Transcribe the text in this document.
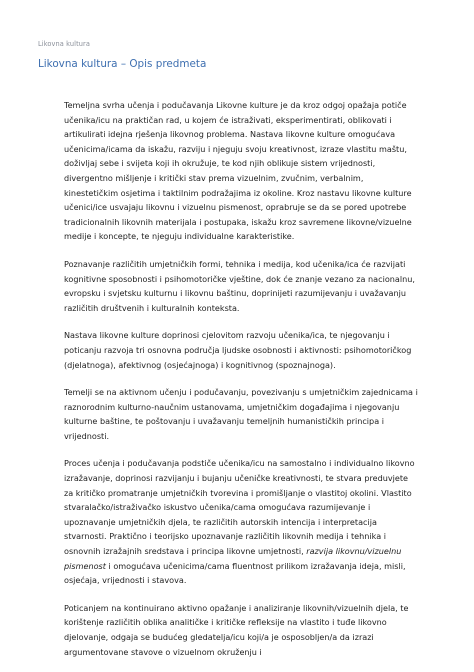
Likovna kultura
Likovna kultura – Opis predmeta

Temeljna svrha učenja i podučavanja Likovne kulture je da kroz odgoj opažaja potiče učenika/icu na praktičan rad, u kojem će istraživati, eksperimentirati, oblikovati i artikulirati idejna rješenja likovnog problema. Nastava likovne kulture omogućava učenicima/icama da iskažu, razviju i njeguju svoju kreativnost, izraze vlastitu maštu, doživljaj sebe i svijeta koji ih okružuje, te kod njih oblikuje sistem vrijednosti, divergentno mišljenje i kritički stav prema vizuelnim, zvučnim, verbalnim, kinestetičkim osjetima i taktilnim podražajima iz okoline. Kroz nastavu likovne kulture učenici/ice usvajaju likovnu i vizuelnu pismenost, oprabruje se da se pored upotrebe tradicionalnih likovnih materijala i postupaka, iskažu kroz savremene likovne/vizuelne medije i koncepte, te njeguju individualne karakteristike.

Poznavanje različitih umjetničkih formi, tehnika i medija, kod učenika/ica će razvijati kognitivne sposobnosti i psihomotoričke vještine, dok će znanje vezano za nacionalnu, evropsku i svjetsku kulturnu i likovnu baštinu, doprinijeti razumijevanju i uvažavanju različitih društvenih i kulturalnih konteksta.

Nastava likovne kulture doprinosi cjelovitom razvoju učenika/ica, te njegovanju i poticanju razvoja tri osnovna područja ljudske osobnosti i aktivnosti: psihomotoričkog (djelatnoga), afektivnog (osjećajnoga) i kognitivnog (spoznajnoga).

Temelji se na aktivnom učenju i podučavanju, povezivanju s umjetničkim zajednicama i raznorodnim kulturno-naučnim ustanovama, umjetničkim događajima i njegovanju kulturne baštine, te poštovanju i uvažavanju temeljnih humanističkih principa i vrijednosti.

Proces učenja i podučavanja podstiče učenika/icu na samostalno i individualno likovno izražavanje, doprinosi razvijanju i bujanju učeničke kreativnosti, te stvara preduvjete za kritičko promatranje umjetničkih tvorevina i promišljanje o vlastitoj okolini. Vlastito stvaralačko/istraživačko iskustvo učenika/cama omogućava razumijevanje i upoznavanje umjetničkih djela, te različitih autorskih intencija i interpretacija stvarnosti. Praktično i teorijsko upoznavanje različitih likovnih medija i tehnika i osnovnih izražajnih sredstava i principa likovne umjetnosti, razvija likovnu/vizuelnu pismenost i omogućava učenicima/cama fluentnost prilikom izražavanja ideja, misli, osjećaja, vrijednosti i stavova.

Poticanjem na kontinuirano aktivno opažanje i analiziranje likovnih/vizuelnih djela, te korištenje različitih oblika analitičke i kritičke refleksije na vlastito i tuđe likovno djelovanje, odgaja se budućeg gledatelja/icu koji/a je osposobljen/a da izrazi argumentovane stavove o vizuelnom okruženju i
